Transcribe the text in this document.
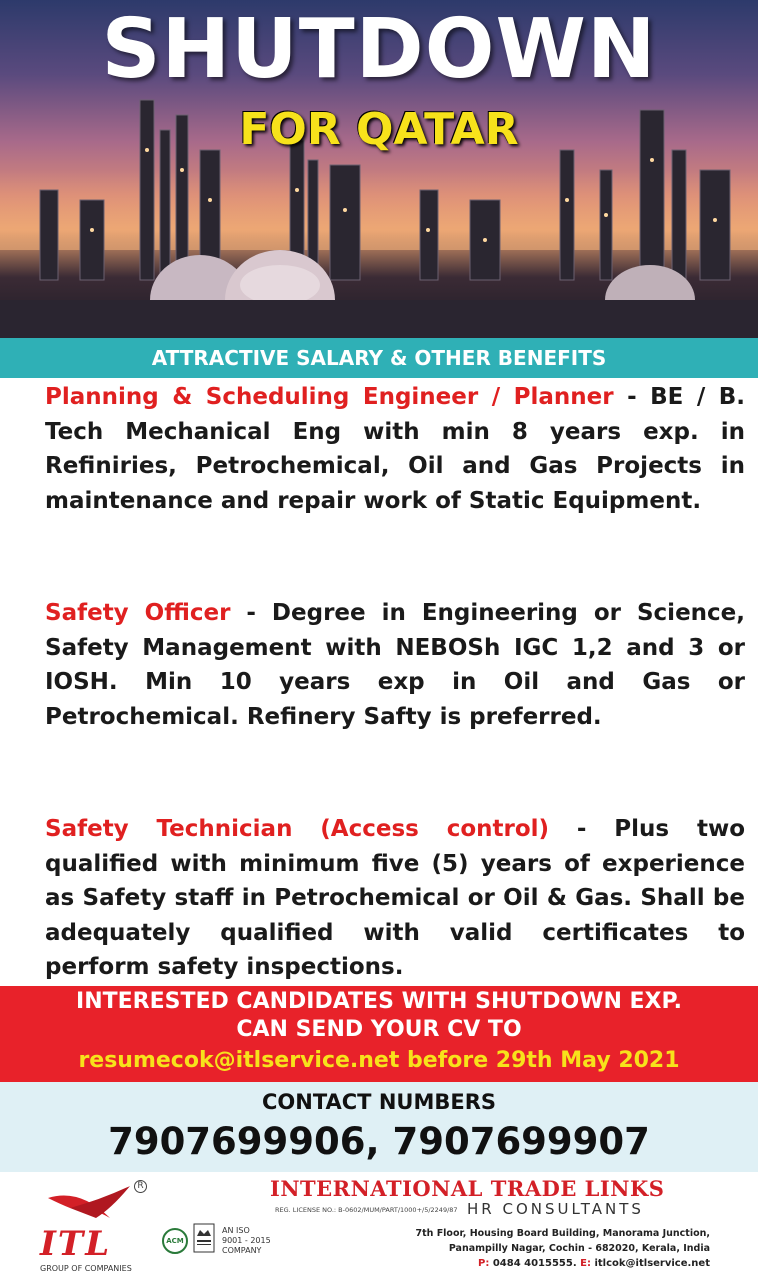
SHUTDOWN
FOR QATAR
ATTRACTIVE SALARY & OTHER BENEFITS

Planning & Scheduling Engineer / Planner - BE / B. Tech Mechanical Eng with min 8 years exp. in Refiniries, Petrochemical, Oil and Gas Projects in maintenance and repair work of Static Equipment.

Safety Officer - Degree in Engineering or Science, Safety Management with NEBOSh IGC 1,2 and 3 or IOSH. Min 10 years exp in Oil and Gas or Petrochemical. Refinery Safty is preferred.

Safety Technician (Access control) - Plus two qualified with minimum five (5) years of experience as Safety staff in Petrochemical or Oil & Gas. Shall be adequately qualified with valid certificates to perform safety inspections.

INTERESTED CANDIDATES WITH SHUTDOWN EXP.
CAN SEND YOUR CV TO
resumecok@itlservice.net before 29th May 2021
CONTACT NUMBERS
7907699906, 7907699907
R
ITL
GROUP OF COMPANIES
ACM
AN ISO
9001 - 2015
COMPANY
INTERNATIONAL TRADE LINKS
REG. LICENSE NO.: B-0602/MUM/PART/1000+/5/2249/87 HR CONSULTANTS
7th Floor, Housing Board Building, Manorama Junction,
Panampilly Nagar, Cochin - 682020, Kerala, India
P: 0484 4015555. E: itlcok@itlservice.net
